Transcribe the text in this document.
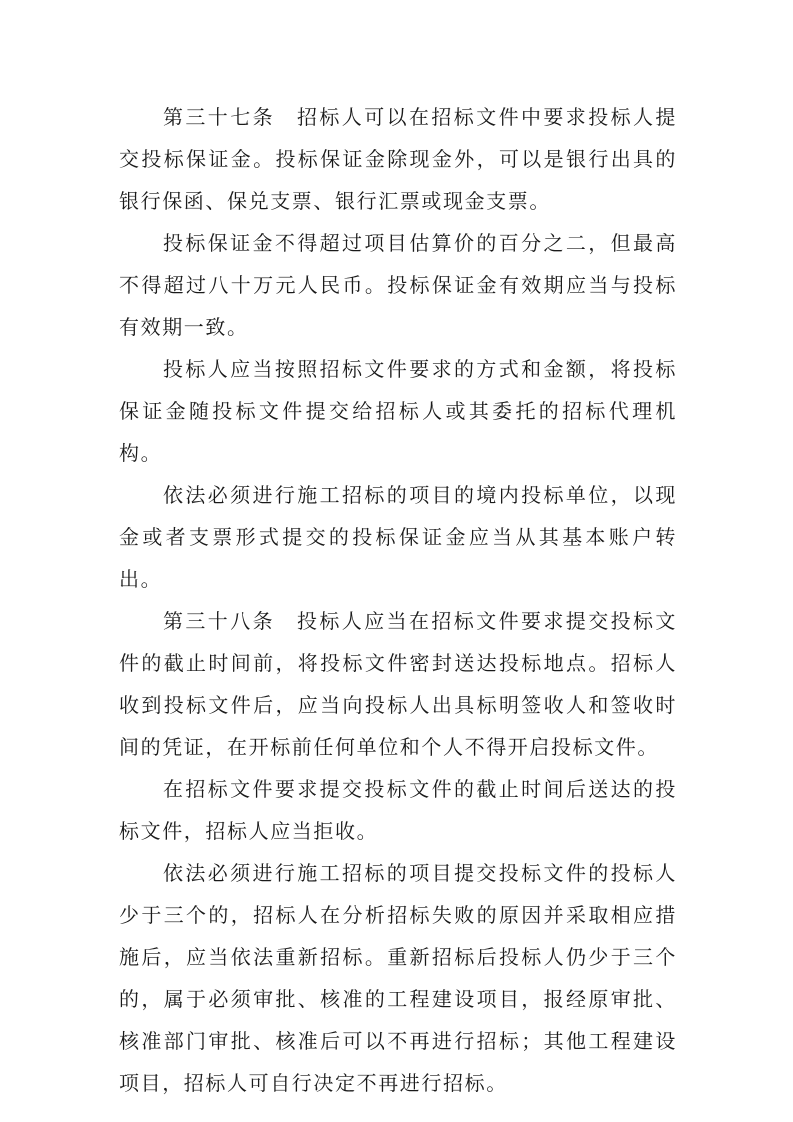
第三十七条 招标人可以在招标文件中要求投标人提交投标保证金。投标保证金除现金外，可以是银行出具的银行保函、保兑支票、银行汇票或现金支票。

投标保证金不得超过项目估算价的百分之二，但最高不得超过八十万元人民币。投标保证金有效期应当与投标有效期一致。

投标人应当按照招标文件要求的方式和金额，将投标保证金随投标文件提交给招标人或其委托的招标代理机构。

依法必须进行施工招标的项目的境内投标单位，以现金或者支票形式提交的投标保证金应当从其基本账户转出。

第三十八条 投标人应当在招标文件要求提交投标文件的截止时间前，将投标文件密封送达投标地点。招标人收到投标文件后，应当向投标人出具标明签收人和签收时间的凭证，在开标前任何单位和个人不得开启投标文件。

在招标文件要求提交投标文件的截止时间后送达的投标文件，招标人应当拒收。

依法必须进行施工招标的项目提交投标文件的投标人少于三个的，招标人在分析招标失败的原因并采取相应措施后，应当依法重新招标。重新招标后投标人仍少于三个的，属于必须审批、核准的工程建设项目，报经原审批、核准部门审批、核准后可以不再进行招标；其他工程建设项目，招标人可自行决定不再进行招标。
